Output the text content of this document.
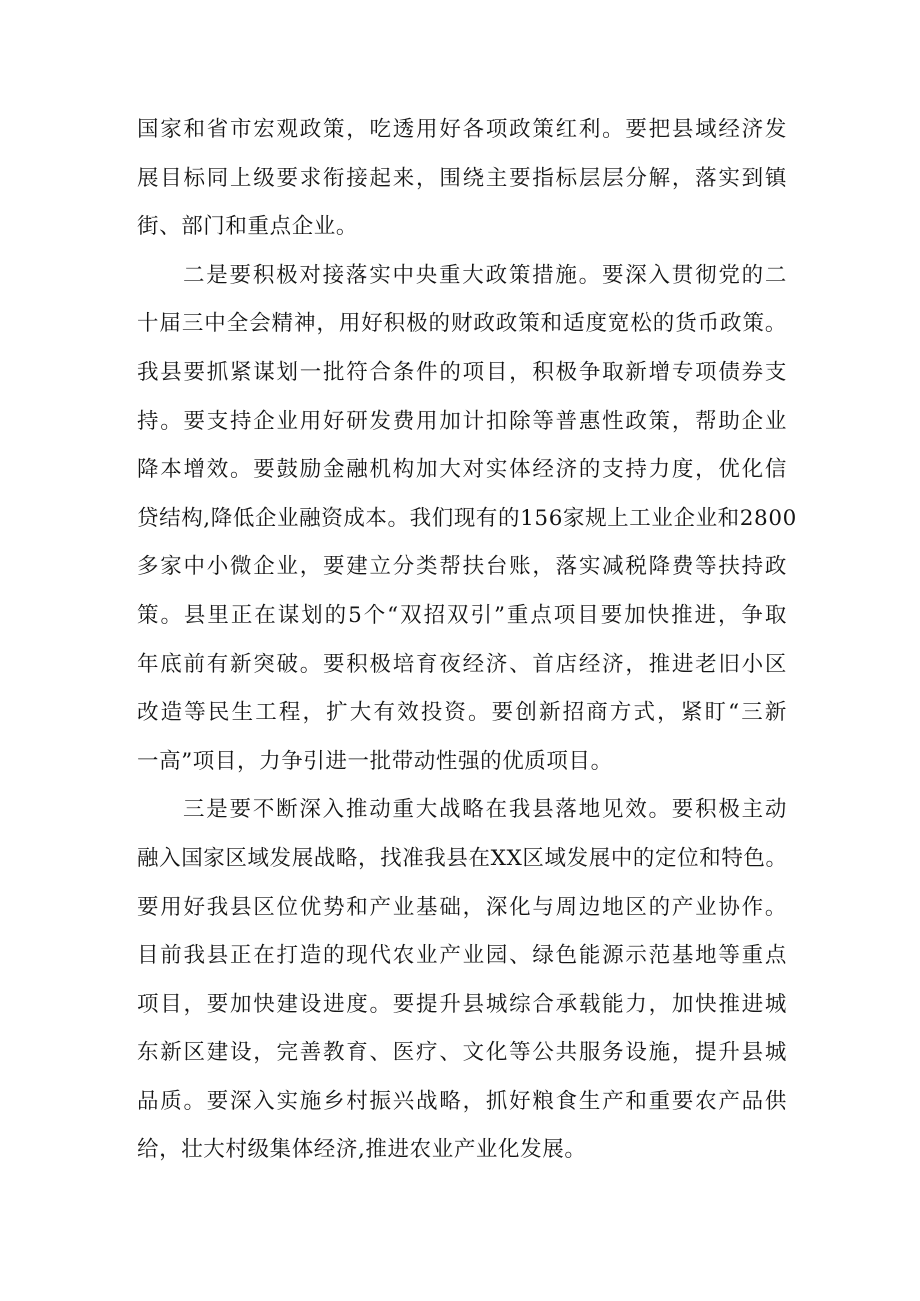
国家和省市宏观政策，吃透用好各项政策红利。要把县域经济发
展目标同上级要求衔接起来，围绕主要指标层层分解，落实到镇
街、部门和重点企业。
二是要积极对接落实中央重大政策措施。要深入贯彻党的二
十届三中全会精神，用好积极的财政政策和适度宽松的货币政策。
我县要抓紧谋划一批符合条件的项目，积极争取新增专项债券支
持。要支持企业用好研发费用加计扣除等普惠性政策，帮助企业
降本增效。要鼓励金融机构加大对实体经济的支持力度，优化信
贷结构,降低企业融资成本。我们现有的156家规上工业企业和2800
多家中小微企业，要建立分类帮扶台账，落实减税降费等扶持政
策。县里正在谋划的5个“双招双引”重点项目要加快推进，争取
年底前有新突破。要积极培育夜经济、首店经济，推进老旧小区
改造等民生工程，扩大有效投资。要创新招商方式，紧盯“三新
一高”项目，力争引进一批带动性强的优质项目。
三是要不断深入推动重大战略在我县落地见效。要积极主动
融入国家区域发展战略，找准我县在XX区域发展中的定位和特色。
要用好我县区位优势和产业基础，深化与周边地区的产业协作。
目前我县正在打造的现代农业产业园、绿色能源示范基地等重点
项目，要加快建设进度。要提升县城综合承载能力，加快推进城
东新区建设，完善教育、医疗、文化等公共服务设施，提升县城
品质。要深入实施乡村振兴战略，抓好粮食生产和重要农产品供
给，壮大村级集体经济,推进农业产业化发展。
